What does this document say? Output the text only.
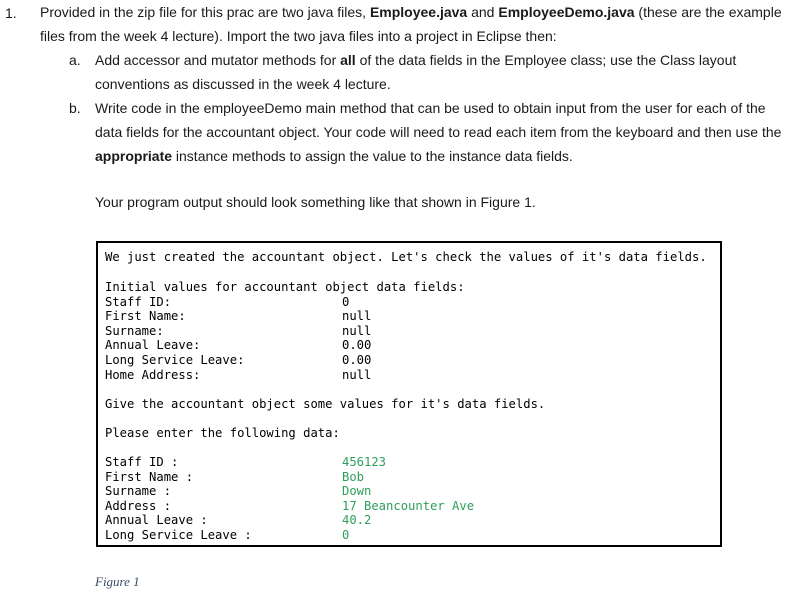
1. Provided in the zip file for this prac are two java files, Employee.java and EmployeeDemo.java (these are the example files from the week 4 lecture). Import the two java files into a project in Eclipse then:
a. Add accessor and mutator methods for all of the data fields in the Employee class; use the Class layout conventions as discussed in the week 4 lecture.
b. Write code in the employeeDemo main method that can be used to obtain input from the user for each of the data fields for the accountant object. Your code will need to read each item from the keyboard and then use the appropriate instance methods to assign the value to the instance data fields.
Your program output should look something like that shown in Figure 1.
We just created the accountant object. Let's check the values of it's data fields.
Initial values for accountant object data fields:
Staff ID:	0
First Name:	null
Surname:	null
Annual Leave:	0.00
Long Service Leave:	0.00
Home Address:	null
Give the accountant object some values for it's data fields.
Please enter the following data:
Staff ID :	456123
First Name :	Bob
Surname :	Down
Address :	17 Beancounter Ave
Annual Leave :	40.2
Long Service Leave :	0
Figure 1
